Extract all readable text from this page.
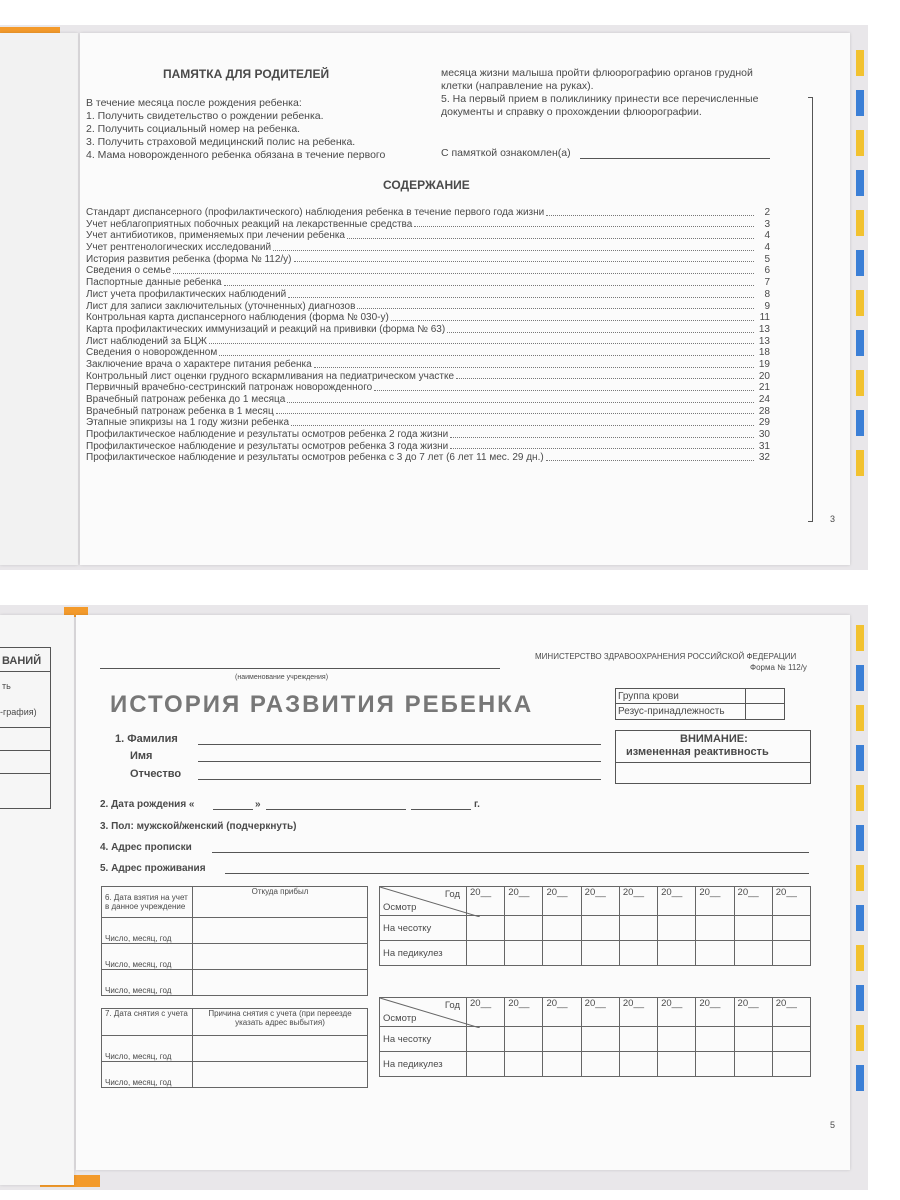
ПАМЯТКА ДЛЯ РОДИТЕЛЕЙ
В течение месяца после рождения ребенка:
1. Получить свидетельство о рождении ребенка.
2. Получить социальный номер на ребенка.
3. Получить страховой медицинский полис на ребенка.
4. Мама новорожденного ребенка обязана в течение первого
месяца жизни малыша пройти флюорографию органов грудной
клетки (направление на руках).
5. На первый прием в поликлинику принести все перечисленные
документы и справку о прохождении флюорографии.
С памяткой ознакомлен(а)
СОДЕРЖАНИЕ
Стандарт диспансерного (профилактического) наблюдения ребенка в течение первого года жизни	2
Учет неблагоприятных побочных реакций на лекарственные средства	3
Учет антибиотиков, применяемых при лечении ребенка	4
Учет рентгенологических исследований	4
История развития ребенка (форма № 112/у)	5
Сведения о семье	6
Паспортные данные ребенка	7
Лист учета профилактических наблюдений	8
Лист для записи заключительных (уточненных) диагнозов	9
Контрольная карта диспансерного наблюдения (форма № 030-у)	11
Карта профилактических иммунизаций и реакций на прививки (форма № 63)	13
Лист наблюдений за БЦЖ	13
Сведения о новорожденном	18
Заключение врача о характере питания ребенка	19
Контрольный лист оценки грудного вскармливания на педиатрическом участке	20
Первичный врачебно-сестринский патронаж новорожденного	21
Врачебный патронаж ребенка до 1 месяца	24
Врачебный патронаж ребенка в 1 месяц	28
Этапные эпикризы на 1 году жизни ребенка	29
Профилактическое наблюдение и результаты осмотров ребенка 2 года жизни	30
Профилактическое наблюдение и результаты осмотров ребенка 3 года жизни	31
Профилактическое наблюдение и результаты осмотров ребенка с 3 до 7 лет (6 лет 11 мес. 29 дн.)	32
3
ВАНИЙ
ть
-графия)
МИНИСТЕРСТВО ЗДРАВООХРАНЕНИЯ РОССИЙСКОЙ ФЕДЕРАЦИИ
Форма № 112/у
(наименование учреждения)
ИСТОРИЯ РАЗВИТИЯ РЕБЕНКА	Группа крови
Резус-принадлежность
ВНИМАНИЕ:
измененная реактивность
1. Фамилия
Имя
Отчество
2. Дата рождения «	»	г.
3. Пол: мужской/женский (подчеркнуть)
4. Адрес прописки
5. Адрес проживания
6. Дата взятия на учет в данное учреждение	Откуда прибыл
Число, месяц, год	
Число, месяц, год	
Число, месяц, год	
7. Дата снятия с учета	Причина снятия с учета (при переезде указать адрес выбытия)
Число, месяц, год	
Число, месяц, год	
Год
Осмотр	20__	20__	20__	20__	20__	20__	20__	20__	20__
На чесотку									
На педикулез									
Год
Осмотр	20__	20__	20__	20__	20__	20__	20__	20__	20__
На чесотку									
На педикулез									
5
